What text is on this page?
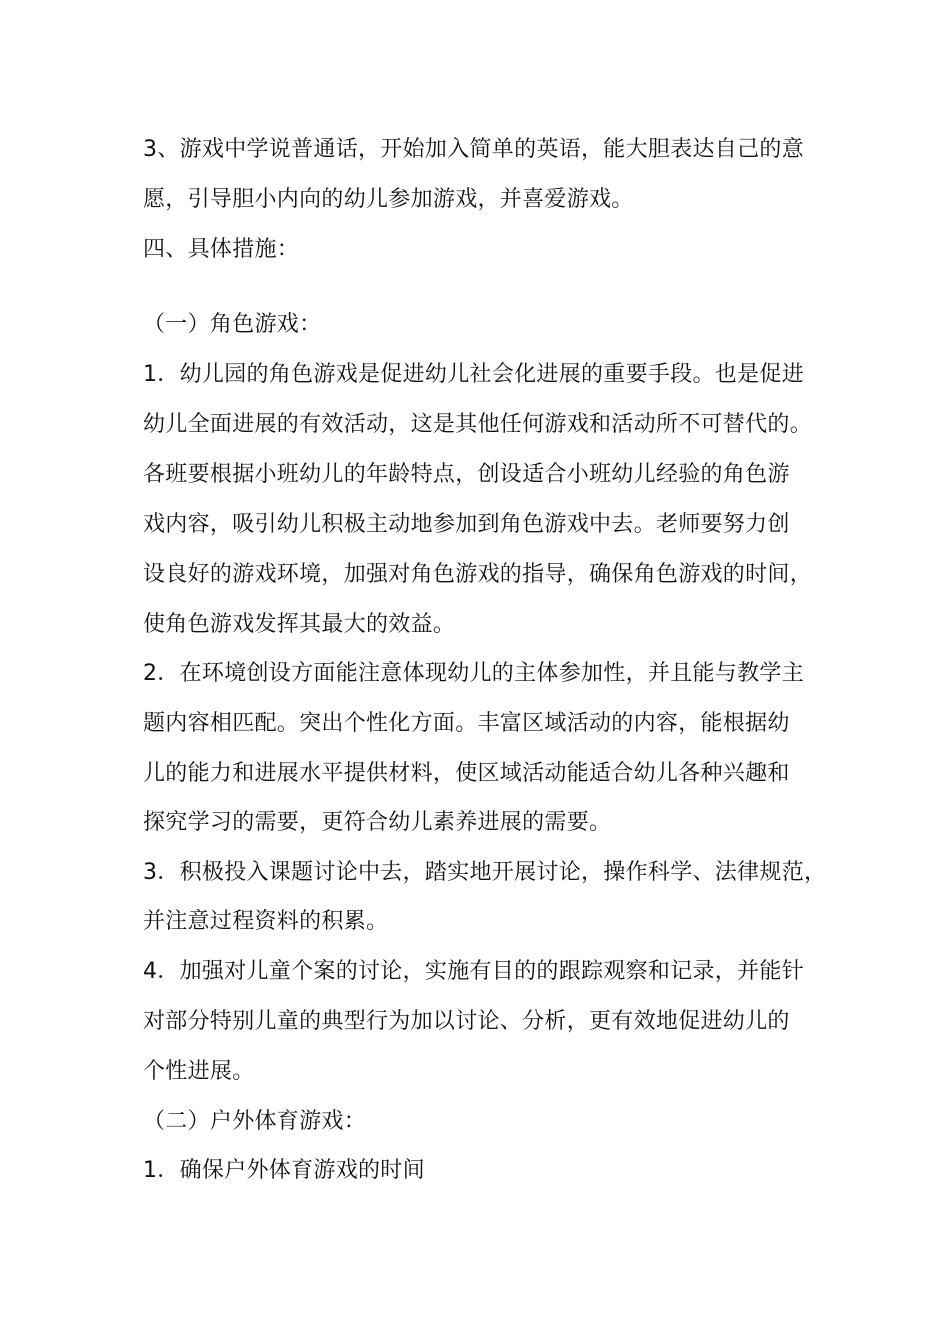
3、游戏中学说普通话，开始加入简单的英语，能大胆表达自己的意
愿，引导胆小内向的幼儿参加游戏，并喜爱游戏。
四、具体措施：
（一）角色游戏：
1．幼儿园的角色游戏是促进幼儿社会化进展的重要手段。也是促进
幼儿全面进展的有效活动，这是其他任何游戏和活动所不可替代的。
各班要根据小班幼儿的年龄特点，创设适合小班幼儿经验的角色游
戏内容，吸引幼儿积极主动地参加到角色游戏中去。老师要努力创
设良好的游戏环境，加强对角色游戏的指导，确保角色游戏的时间，
使角色游戏发挥其最大的效益。
2．在环境创设方面能注意体现幼儿的主体参加性，并且能与教学主
题内容相匹配。突出个性化方面。丰富区域活动的内容，能根据幼
儿的能力和进展水平提供材料，使区域活动能适合幼儿各种兴趣和
探究学习的需要，更符合幼儿素养进展的需要。
3．积极投入课题讨论中去，踏实地开展讨论，操作科学、法律规范，
并注意过程资料的积累。
4．加强对儿童个案的讨论，实施有目的的跟踪观察和记录，并能针
对部分特别儿童的典型行为加以讨论、分析，更有效地促进幼儿的
个性进展。
（二）户外体育游戏：
1．确保户外体育游戏的时间
